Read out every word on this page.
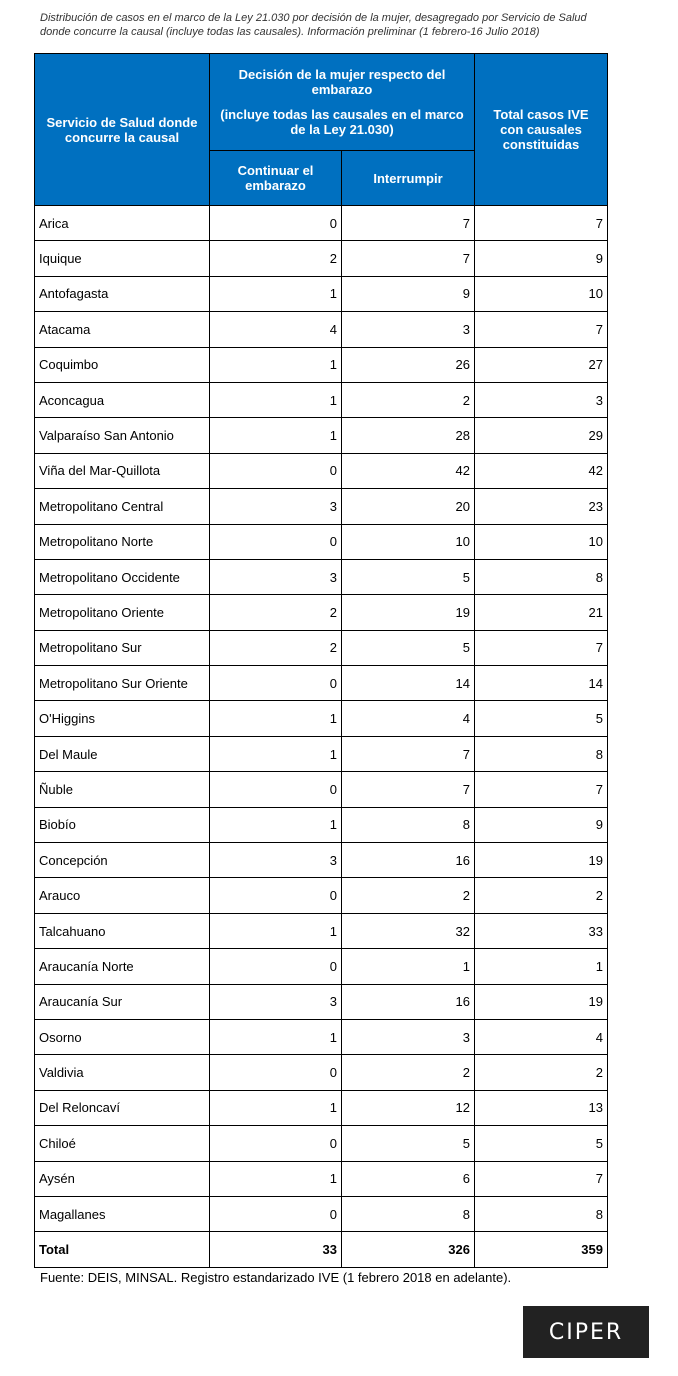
Distribución de casos en el marco de la Ley 21.030 por decisión de la mujer, desagregado por Servicio de Salud donde concurre la causal (incluye todas las causales). Información preliminar (1 febrero-16 Julio 2018)
Servicio de Salud donde concurre la causal	Decisión de la mujer respecto del embarazo
(incluye todas las causales en el marco de la Ley 21.030)		Total casos IVE con causales constituidas
	Continuar el embarazo	Interrumpir	
Arica	0	7	7
Iquique	2	7	9
Antofagasta	1	9	10
Atacama	4	3	7
Coquimbo	1	26	27
Aconcagua	1	2	3
Valparaíso San Antonio	1	28	29
Viña del Mar-Quillota	0	42	42
Metropolitano Central	3	20	23
Metropolitano Norte	0	10	10
Metropolitano Occidente	3	5	8
Metropolitano Oriente	2	19	21
Metropolitano Sur	2	5	7
Metropolitano Sur Oriente	0	14	14
O'Higgins	1	4	5
Del Maule	1	7	8
Ñuble	0	7	7
Biobío	1	8	9
Concepción	3	16	19
Arauco	0	2	2
Talcahuano	1	32	33
Araucanía Norte	0	1	1
Araucanía Sur	3	16	19
Osorno	1	3	4
Valdivia	0	2	2
Del Reloncaví	1	12	13
Chiloé	0	5	5
Aysén	1	6	7
Magallanes	0	8	8
Total	33	326	359
Fuente: DEIS, MINSAL. Registro estandarizado IVE (1 febrero 2018 en adelante).
CIPER
